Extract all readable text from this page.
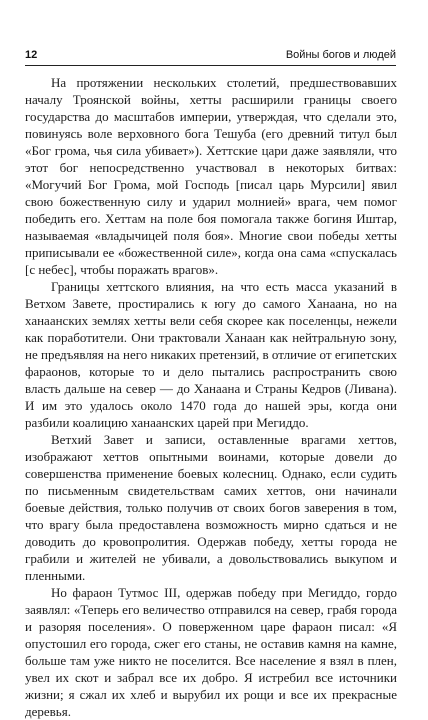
12	Войны богов и людей

На протяжении нескольких столетий, предшествовавших началу Троянской войны, хетты расширили границы своего государства до масштабов империи, утверждая, что сделали это, повинуясь воле верховного бога Тешуба (его древний титул был «Бог грома, чья сила убивает»). Хеттские цари даже заявляли, что этот бог непосредственно участвовал в некоторых битвах: «Могучий Бог Грома, мой Господь [писал царь Мурсили] явил свою божественную силу и ударил молнией» врага, чем помог победить его. Хеттам на поле боя помогала также богиня Иштар, называемая «владычицей поля боя». Многие свои победы хетты приписывали ее «божественной силе», когда она сама «спускалась [с небес], чтобы поражать врагов».

Границы хеттского влияния, на что есть масса указаний в Ветхом Завете, простирались к югу до самого Ханаана, но на ханаанских землях хетты вели себя скорее как поселенцы, нежели как поработители. Они трактовали Ханаан как нейтральную зону, не предъявляя на него никаких претензий, в отличие от египетских фараонов, которые то и дело пытались распространить свою власть дальше на север — до Ханаана и Страны Кедров (Ливана). И им это удалось около 1470 года до нашей эры, когда они разбили коалицию ханаанских царей при Мегиддо.

Ветхий Завет и записи, оставленные врагами хеттов, изображают хеттов опытными воинами, которые довели до совершенства применение боевых колесниц. Однако, если судить по письменным свидетельствам самих хеттов, они начинали боевые действия, только получив от своих богов заверения в том, что врагу была предоставлена возможность мирно сдаться и не доводить до кровопролития. Одержав победу, хетты города не грабили и жителей не убивали, а довольствовались выкупом и пленными.

Но фараон Тутмос III, одержав победу при Мегиддо, гордо заявлял: «Теперь его величество отправился на север, грабя города и разоряя поселения». О поверженном царе фараон писал: «Я опустошил его города, сжег его станы, не оставив камня на камне, больше там уже никто не поселится. Все население я взял в плен, увел их скот и забрал все их добро. Я истребил все источники жизни; я сжал их хлеб и вырубил их рощи и все их прекрасные деревья.
